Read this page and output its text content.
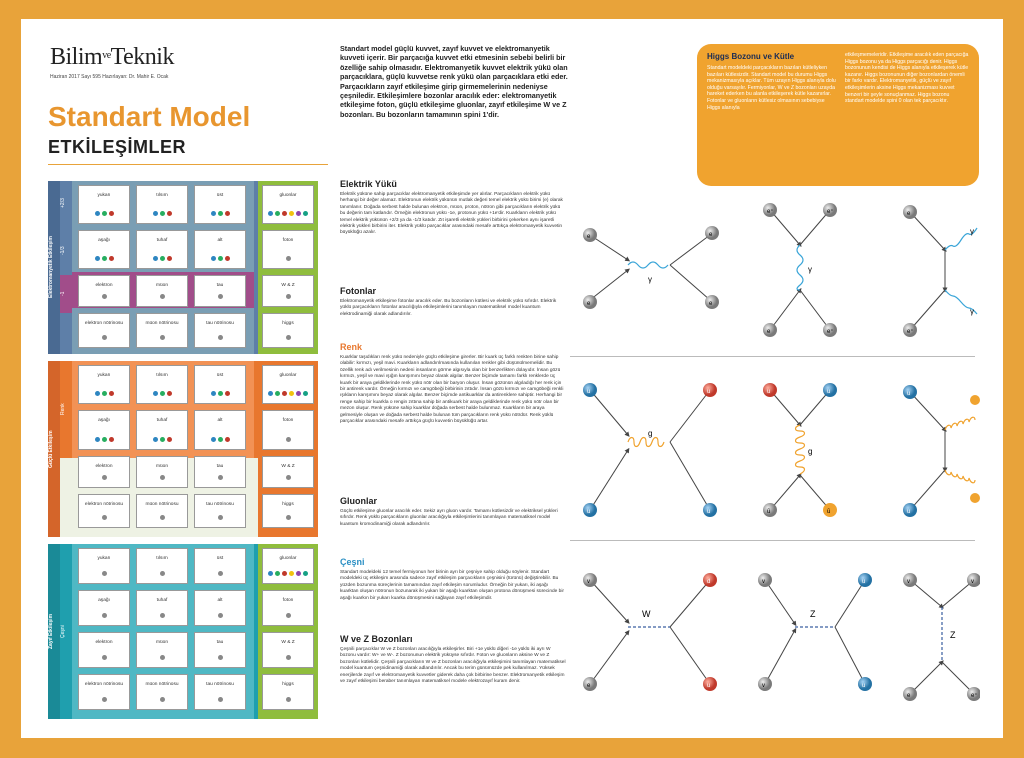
Bilim$^{ve}$Teknik
Haziran 2017 Sayı 595 Hazırlayan: Dr. Mahir E. Ocak
Standart Model
ETKİLEŞİMLER
Standart model güçlü kuvvet, zayıf kuvvet ve elektromanyetik kuvveti içerir. Bir parçacığa kuvvet etki etmesinin sebebi belirli bir özelliğe sahip olmasıdır. Elektromanyetik kuvvet elektrik yükü olan parçacıklara, güçlü kuvvetse renk yükü olan parçacıklara etki eder. Parçacıkların zayıf etkileşime girip girmemelerinin nedeniyse çeşniledir. Etkileşimlere bozonlar aracılık eder: elektromanyetik etkileşime foton, güçlü etkileşime gluonlar, zayıf etkileşime W ve Z bozonları. Bu bozonların tamamının spini 1'dir.
Higgs Bozonu ve Kütle
Standart modeldeki parçacıkların bazıları kütleliyken bazıları kütlesizdir. Standart model bu durumu Higgs mekanizmasıyla açıklar. Tüm uzayın Higgs alanıyla dolu olduğu varsayılır. Fermiyonlar, W ve Z bozonları uzayda hareket ederken bu alanla etkileşerek kütle kazanırlar. Fotonlar ve gluonların kütlesiz olmasının sebebiyse Higgs alanıyla
etkileşmemeleridir. Etkileşime aracılık eden parçacığa Higgs bozonu ya da Higgs parçacığı denir. Higgs bozonunun kendisi de Higgs alanıyla etkileşerek kütle kazanır. Higgs bozonunun diğer bozonlardan önemli bir farkı vardır. Elektromanyetik, güçlü ve zayıf etkileşimlerin aksine Higgs mekanizması kuvvet benzeri bir şeyle sonuçlanmaz. Higgs bozonu standart modelde spini 0 olan tek parçacıktır.
Elektromanyetik Etkileşim
+2/3
-1/3
-1
Güçlü Etkileşim
Renk
Zayıf Etkileşim	Çeşni
yukarı	tılsım	üst	gluonlar
aşağı	tuhaf	alt	foton
elektron	müon	tau	W & Z
elektron nötrinosu	müon nötrinosu	tau nötrinosu	higgs
yukarı	tılsım	üst	gluonlar
aşağı	tuhaf	alt	foton
elektron	müon	tau	W & Z
elektron nötrinosu	müon nötrinosu	tau nötrinosu	higgs
yukarı	tılsım	üst	gluonlar
aşağı	tuhaf	alt	foton
elektron	müon	tau	W & Z
elektron nötrinosu	müon nötrinosu	tau nötrinosu	higgs
Elektrik Yükü

Elektrik yüküne sahip parçacıklar elektromanyetik etkileşimde yer alırlar. Parçacıkların elektrik yükü herhangi bir değer alamaz. Elektronun elektrik yükünün mutlak değeri temel elektrik yükü birimi (e) olarak tanımlanır. Doğada serbest halde bulunan elektron, müon, proton, nötron gibi parçacıkların elektrik yükü bu değerin tam katlarıdır. Örneğin elektronun yükü -1e, protonun yükü +1e'dir. Kuarkların elektrik yükü temel elektrik yükünün +2/3 ya da -1/3 katıdır. Zıt işaretli elektrik yükleri birbirini çekerken aynı işaretli elektrik yükleri birbirini iter. Elektrik yüklü parçacıklar arasındaki mesafe arttıkça elektromanyetik kuvvetin büyüklüğü azalır.

Fotonlar

Elektromanyetik etkileşime fotonlar aracılık eder. Bu bozonların kütlesi ve elektrik yükü sıfırdır. Elektrik yüklü parçacıkların fotonlar aracılığıyla etkileşimlerini tanımlayan matematiksel model kuantum elektrodinamiği olarak adlandırılır.

Renk

Kuarklar taşıdıkları renk yükü nedeniyle güçlü etkileşime girerler. Bir kuark üç farklı renkten birine sahip olabilir: kırmızı, yeşil mavi. Kuarkların adlandırılmasında kullanılan renkler gibi düşünülmemelidir. Bu özellik renk adı verilmesinin nedeni insanların görme algısıyla olan bir benzerlikten dolayıdır. İnsan gözü kırmızı, yeşil ve mavi ışığın karışımını beyaz olarak algılar. Benzer biçimde tamamı farklı renklerde üç kuark bir araya geldiklerinde renk yükü nötr olan bir baryon oluşur. İnsan gözünün algıladığı her renk için bir antirenk vardır. Örneğin kırmızı ve camgöbeği birbirinin zıttıdır. İnsan gözü kırmızı ve camgöbeği renkli ışıkların karışımını beyaz olarak algılar. Benzer biçimde antikuarklar da antirenklere sahiptir. Herhangi bir renge sahip bir kuarkla o rengin zıttına sahip bir antikuark bir araya geldiklerinde renk yükü nötr olan bir mezon oluşur. Renk yüküne sahip kuarklar doğada serbest halde bulunmaz. Kuarkların bir araya gelmesiyle oluşan ve doğada serbest halde bulunan tüm parçacıkların renk yükü nötrdür. Renk yüklü parçacıklar arasındaki mesafe arttıkça güçlü kuvvetin büyüklüğü artar.

Gluonlar

Güçlü etkileşime gluonlar aracılık eder. Sekiz ayrı gluon vardır. Tamamı kütlesizdir ve elektriksel yükleri sıfırdır. Renk yüklü parçacıkların gluonlar aracılığıyla etkileşimlerini tanımlayan matematiksel model kuantum kromodinamiği olarak adlandırılır.

Çeşni

Standart modeldeki 12 temel fermiyonun her birinin ayrı bir çeşniye sahip olduğu söylenir. Standart modeldeki üç etkileşim arasında sadece zayıf etkileşim parçacıkların çeşnisini (türünü) değiştirebilir. Bu yüzden bozunma süreçlerinin tamamından zayıf etkileşim sorumludur. Örneğin bir yukarı, iki aşağı kuarktan oluşan nötronun bozunarak iki yukarı bir aşağı kuarktan oluşan protona dönüşmesi sürecinde bir aşağı kuarkın bir yukarı kuarka dönüşmesini sağlayan zayıf etkileşimdir.

W ve Z Bozonları

Çeşnili parçacıklar W ve Z bozonları aracılığıyla etkileşirler. Biri +1e yüklü diğeri -1e yüklü iki ayrı W bozonu vardır: W+ ve W-. Z bozonunun elektrik yüküyse sıfırdır. Foton ve gluonların aksine W ve Z bozonları kütlelidir. Çeşnili parçacıkların W ve Z bozonları aracılığıyla etkileşimini tanımlayan matematiksel model kuantum çeşnidinamiği olarak adlandırılır. Ancak bu terim günümüzde pek kullanılmaz. Yüksek enerjilerde zayıf ve elektromanyetik kuvvetler giderek daha çok birbirine benzer. Elektromanyetik etkileşim ve zayıf etkileşimi beraber tanımlayan matematiksel modele elektrozayıf kuram denir.

γ
e
e
e
e
γ
e⁺	e⁺
e	e⁺
γ
γ
e
e⁺
g
u
u
u
u
g
u	u
ū	ū
u
u
W
v
e
d
u
Z
v
v
u
u
Z
v	v
e	e⁺
